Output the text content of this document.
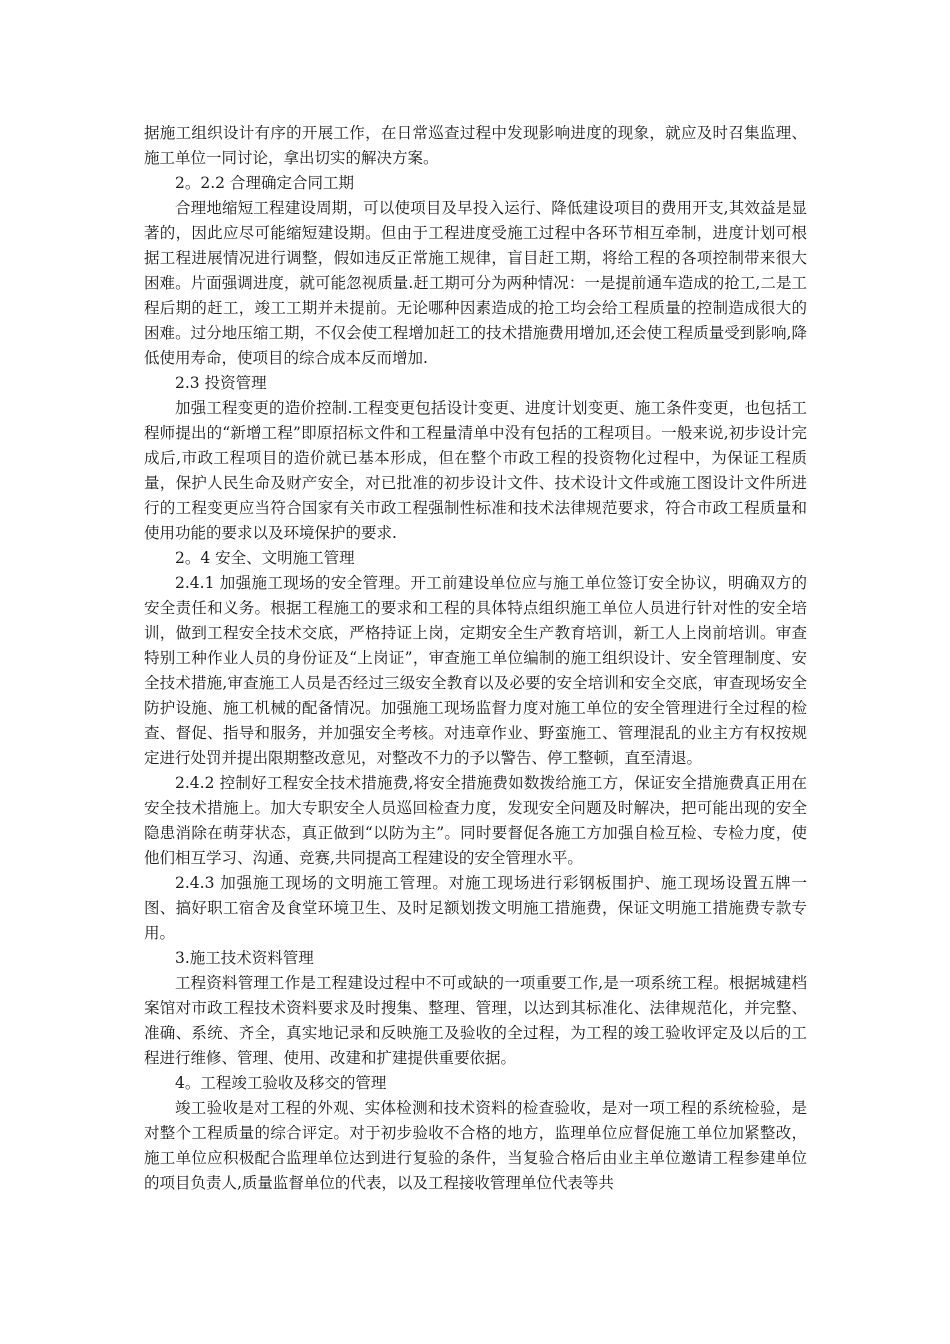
据施工组织设计有序的开展工作，在日常巡查过程中发现影响进度的现象，就应及时召集监理、施工单位一同讨论，拿出切实的解决方案。

2。2.2 合理确定合同工期

合理地缩短工程建设周期，可以使项目及早投入运行、降低建设项目的费用开支,其效益是显著的，因此应尽可能缩短建设期。但由于工程进度受施工过程中各环节相互牵制，进度计划可根据工程进展情况进行调整，假如违反正常施工规律，盲目赶工期，将给工程的各项控制带来很大困难。片面强调进度，就可能忽视质量.赶工期可分为两种情况：一是提前通车造成的抢工,二是工程后期的赶工，竣工工期并未提前。无论哪种因素造成的抢工均会给工程质量的控制造成很大的困难。过分地压缩工期，不仅会使工程增加赶工的技术措施费用增加,还会使工程质量受到影响,降低使用寿命，使项目的综合成本反而增加.

2.3 投资管理

加强工程变更的造价控制.工程变更包括设计变更、进度计划变更、施工条件变更，也包括工程师提出的“新增工程”即原招标文件和工程量清单中没有包括的工程项目。一般来说,初步设计完成后,市政工程项目的造价就已基本形成，但在整个市政工程的投资物化过程中，为保证工程质量，保护人民生命及财产安全，对已批准的初步设计文件、技术设计文件或施工图设计文件所进行的工程变更应当符合国家有关市政工程强制性标准和技术法律规范要求，符合市政工程质量和使用功能的要求以及环境保护的要求.

2。4 安全、文明施工管理

2.4.1 加强施工现场的安全管理。开工前建设单位应与施工单位签订安全协议，明确双方的安全责任和义务。根据工程施工的要求和工程的具体特点组织施工单位人员进行针对性的安全培训，做到工程安全技术交底，严格持证上岗，定期安全生产教育培训，新工人上岗前培训。审查特别工种作业人员的身份证及“上岗证”，审查施工单位编制的施工组织设计、安全管理制度、安全技术措施,审查施工人员是否经过三级安全教育以及必要的安全培训和安全交底，审查现场安全防护设施、施工机械的配备情况。加强施工现场监督力度对施工单位的安全管理进行全过程的检查、督促、指导和服务，并加强安全考核。对违章作业、野蛮施工、管理混乱的业主方有权按规定进行处罚并提出限期整改意见，对整改不力的予以警告、停工整顿，直至清退。

2.4.2 控制好工程安全技术措施费,将安全措施费如数拨给施工方，保证安全措施费真正用在安全技术措施上。加大专职安全人员巡回检查力度，发现安全问题及时解决，把可能出现的安全隐患消除在萌芽状态，真正做到“以防为主”。同时要督促各施工方加强自检互检、专检力度，使他们相互学习、沟通、竞赛,共同提高工程建设的安全管理水平。

2.4.3 加强施工现场的文明施工管理。对施工现场进行彩钢板围护、施工现场设置五牌一图、搞好职工宿舍及食堂环境卫生、及时足额划拨文明施工措施费，保证文明施工措施费专款专用。

3.施工技术资料管理

工程资料管理工作是工程建设过程中不可或缺的一项重要工作,是一项系统工程。根据城建档案馆对市政工程技术资料要求及时搜集、整理、管理，以达到其标准化、法律规范化，并完整、准确、系统、齐全，真实地记录和反映施工及验收的全过程，为工程的竣工验收评定及以后的工程进行维修、管理、使用、改建和扩建提供重要依据。

4。工程竣工验收及移交的管理

竣工验收是对工程的外观、实体检测和技术资料的检查验收，是对一项工程的系统检验，是对整个工程质量的综合评定。对于初步验收不合格的地方，监理单位应督促施工单位加紧整改，施工单位应积极配合监理单位达到进行复验的条件，当复验合格后由业主单位邀请工程参建单位的项目负责人,质量监督单位的代表，以及工程接收管理单位代表等共
